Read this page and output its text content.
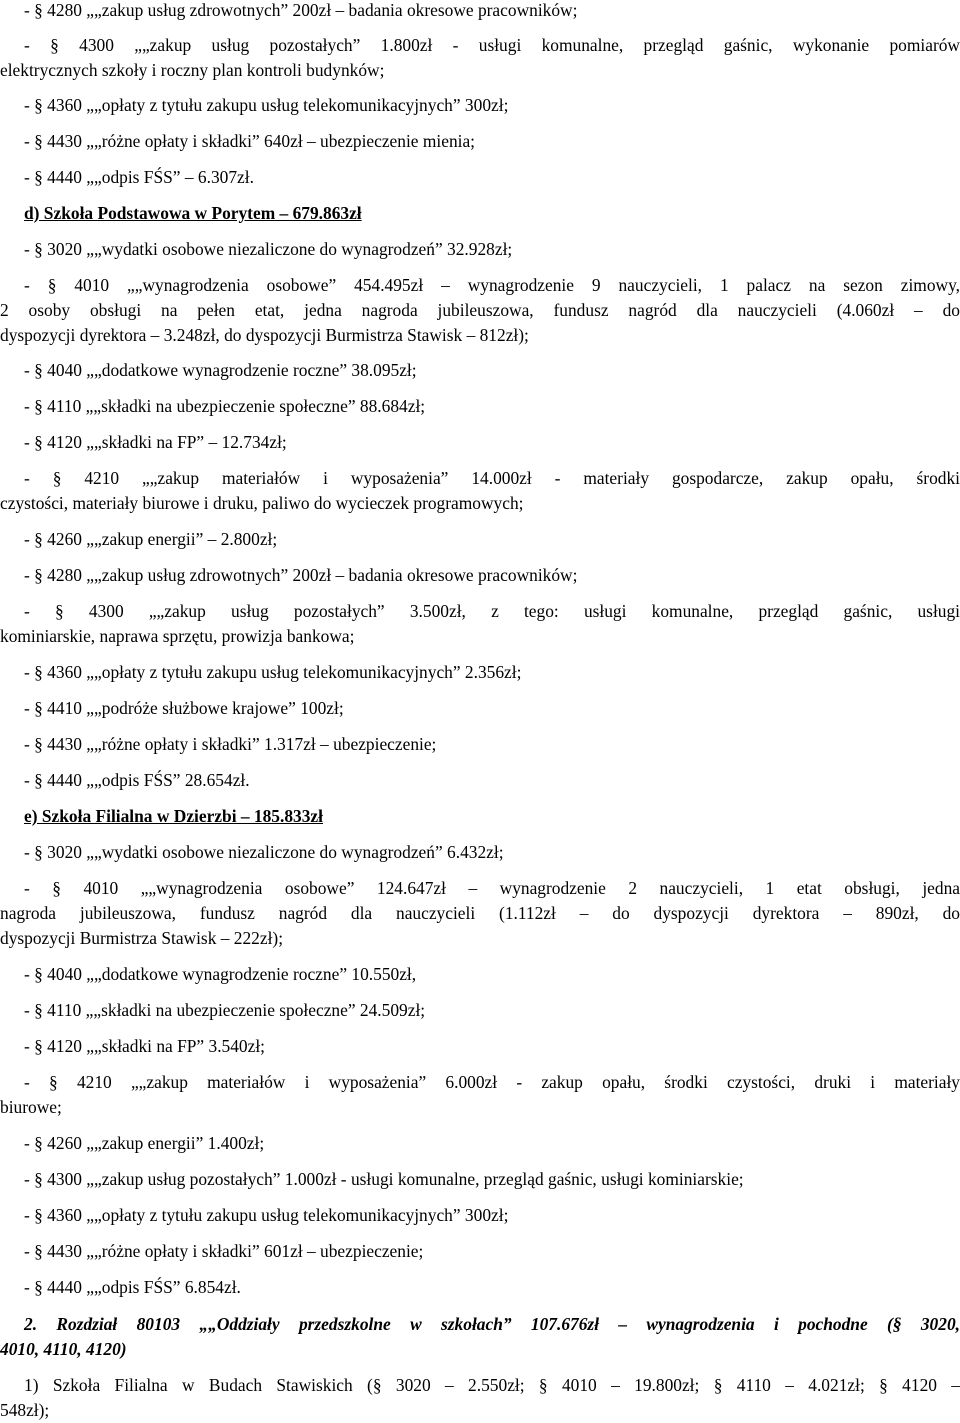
- § 4280 „„zakup usług zdrowotnych” 200zł – badania okresowe pracowników;
- § 4300 „„zakup usług pozostałych” 1.800zł - usługi komunalne, przegląd gaśnic, wykonanie pomiarów
elektrycznych szkoły i roczny plan kontroli budynków;
- § 4360 „„opłaty z tytułu zakupu usług telekomunikacyjnych” 300zł;
- § 4430 „„różne opłaty i składki” 640zł – ubezpieczenie mienia;
- § 4440 „„odpis FŚS” – 6.307zł.
d) Szkoła Podstawowa w Porytem – 679.863zł
- § 3020 „„wydatki osobowe niezaliczone do wynagrodzeń” 32.928zł;
- § 4010 „„wynagrodzenia osobowe” 454.495zł – wynagrodzenie 9 nauczycieli, 1 palacz na sezon zimowy,
2 osoby obsługi na pełen etat, jedna nagroda jubileuszowa, fundusz nagród dla nauczycieli (4.060zł – do
dyspozycji dyrektora – 3.248zł, do dyspozycji Burmistrza Stawisk – 812zł);
- § 4040 „„dodatkowe wynagrodzenie roczne” 38.095zł;
- § 4110 „„składki na ubezpieczenie społeczne” 88.684zł;
- § 4120 „„składki na FP” – 12.734zł;
- § 4210 „„zakup materiałów i wyposażenia” 14.000zł - materiały gospodarcze, zakup opału, środki
czystości, materiały biurowe i druku, paliwo do wycieczek programowych;
- § 4260 „„zakup energii” – 2.800zł;
- § 4280 „„zakup usług zdrowotnych” 200zł – badania okresowe pracowników;
- § 4300 „„zakup usług pozostałych” 3.500zł, z tego: usługi komunalne, przegląd gaśnic, usługi
kominiarskie, naprawa sprzętu, prowizja bankowa;
- § 4360 „„opłaty z tytułu zakupu usług telekomunikacyjnych” 2.356zł;
- § 4410 „„podróże służbowe krajowe” 100zł;
- § 4430 „„różne opłaty i składki” 1.317zł – ubezpieczenie;
- § 4440 „„odpis FŚS” 28.654zł.
e) Szkoła Filialna w Dzierzbi – 185.833zł
- § 3020 „„wydatki osobowe niezaliczone do wynagrodzeń” 6.432zł;
- § 4010 „„wynagrodzenia osobowe” 124.647zł – wynagrodzenie 2 nauczycieli, 1 etat obsługi, jedna
nagroda jubileuszowa, fundusz nagród dla nauczycieli (1.112zł – do dyspozycji dyrektora – 890zł, do
dyspozycji Burmistrza Stawisk – 222zł);
- § 4040 „„dodatkowe wynagrodzenie roczne” 10.550zł,
- § 4110 „„składki na ubezpieczenie społeczne” 24.509zł;
- § 4120 „„składki na FP” 3.540zł;
- § 4210 „„zakup materiałów i wyposażenia” 6.000zł - zakup opału, środki czystości, druki i materiały
biurowe;
- § 4260 „„zakup energii” 1.400zł;
- § 4300 „„zakup usług pozostałych” 1.000zł - usługi komunalne, przegląd gaśnic, usługi kominiarskie;
- § 4360 „„opłaty z tytułu zakupu usług telekomunikacyjnych” 300zł;
- § 4430 „„różne opłaty i składki” 601zł – ubezpieczenie;
- § 4440 „„odpis FŚS” 6.854zł.
2. Rozdział 80103 „„Oddziały przedszkolne w szkołach” 107.676zł – wynagrodzenia i pochodne (§ 3020,
4010, 4110, 4120)
1) Szkoła Filialna w Budach Stawiskich (§ 3020 – 2.550zł; § 4010 – 19.800zł; § 4110 – 4.021zł; § 4120 –
548zł);
